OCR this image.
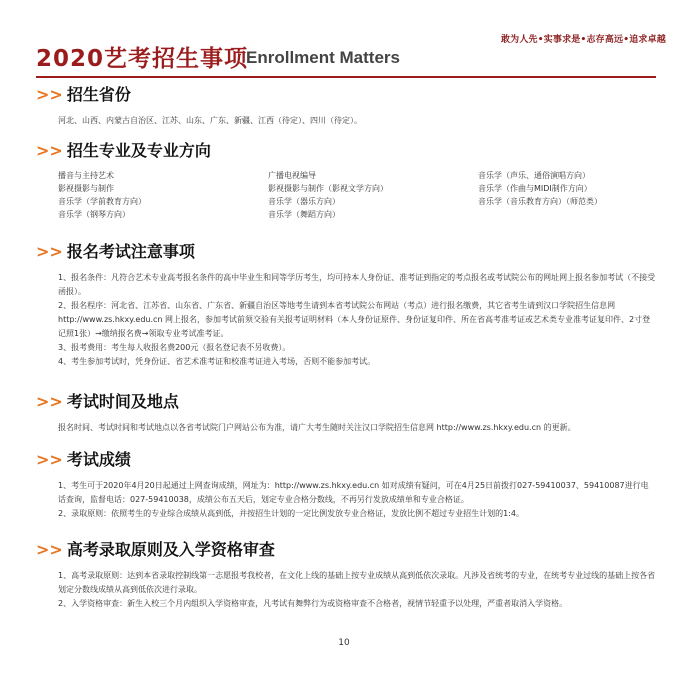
敢为人先•实事求是•志存高远•追求卓越
2020艺考招生事项
Enrollment Matters
>> 招生省份

河北、山西、内蒙古自治区、江苏、山东、广东、新疆、江西（待定）、四川（待定）。

>> 招生专业及专业方向
播音与主持艺术	广播电视编导	音乐学（声乐、通俗演唱方向）
影视摄影与制作	影视摄影与制作（影视文学方向）	音乐学（作曲与MIDI制作方向）
音乐学（学前教育方向）	音乐学（器乐方向）	音乐学（音乐教育方向）（师范类）
音乐学（钢琴方向）	音乐学（舞蹈方向）
>> 报名考试注意事项

1、报名条件：凡符合艺术专业高考报名条件的高中毕业生和同等学历考生，均可持本人身份证、准考证到指定的考点报名或考试院公布的网址网上报名参加考试（不接受函报）。

2、报名程序：河北省、江苏省、山东省、广东省、新疆自治区等地考生请到本省考试院公布网站（考点）进行报名缴费，其它省考生请到汉口学院招生信息网 http://www.zs.hkxy.edu.cn 网上报名，参加考试前须交验有关报考证明材料（本人身份证原件、身份证复印件、所在省高考准考证或艺术类专业准考证复印件、2寸登记照1张）→缴纳报名费→领取专业考试准考证。

3、报考费用：考生每人收报名费200元（报名登记表不另收费）。

4、考生参加考试时，凭身份证、省艺术准考证和校准考证进入考场，否则不能参加考试。

>> 考试时间及地点

报名时间、考试时间和考试地点以各省考试院门户网站公布为准，请广大考生随时关注汉口学院招生信息网 http://www.zs.hkxy.edu.cn 的更新。

>> 考试成绩

1、考生可于2020年4月20日起通过上网查询成绩，网址为：http://www.zs.hkxy.edu.cn 如对成绩有疑问，可在4月25日前拨打027-59410037、59410087进行电话查询，监督电话：027-59410038，成绩公布五天后，划定专业合格分数线，不再另行发放成绩单和专业合格证。

2、录取原则：依照考生的专业综合成绩从高到低，并按招生计划的一定比例发放专业合格证，发放比例不超过专业招生计划的1:4。

>> 高考录取原则及入学资格审查

1、高考录取原则：达到本省录取控制线第一志愿报考我校者，在文化上线的基础上按专业成绩从高到低依次录取。凡涉及省统考的专业，在统考专业过线的基础上按各省划定分数线成绩从高到低依次进行录取。

2、入学资格审查：新生入校三个月内组织入学资格审查，凡考试有舞弊行为或资格审查不合格者，视情节轻重予以处理，严重者取消入学资格。

10
